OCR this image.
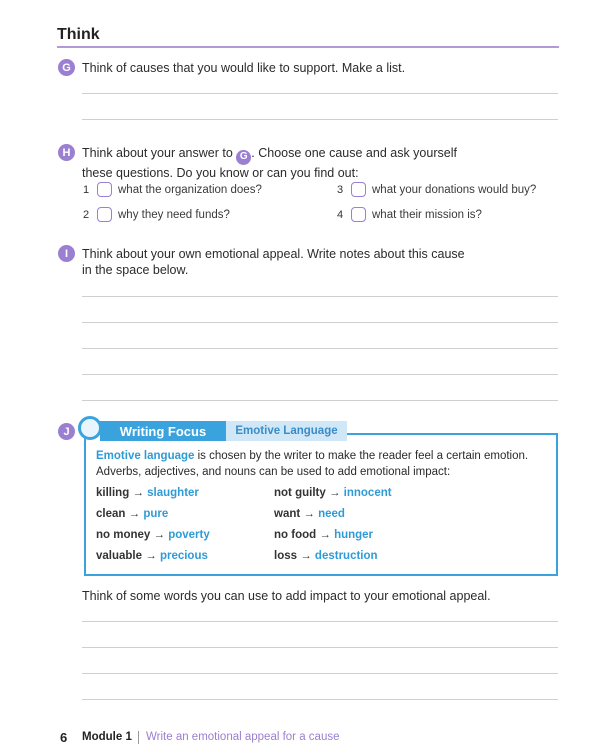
Think
G Think of causes that you would like to support. Make a list.
H Think about your answer to G . Choose one cause and ask yourself
these questions. Do you know or can you find out:
1	what the organization does?
2	why they need funds?
3	what your donations would buy?
4	what their mission is?
I	Think about your own emotional appeal. Write notes about this cause
in the space below.
J	Writing Focus	Emotive Language
Emotive language is chosen by the writer to make the reader feel a certain emotion.
Adverbs, adjectives, and nouns can be used to add emotional impact:
killing → slaughter	not guilty → innocent
clean → pure	want → need
no money → poverty	no food → hunger
valuable → precious	loss → destruction
Think of some words you can use to add impact to your emotional appeal.
6 Module 1 Write an emotional appeal for a cause
